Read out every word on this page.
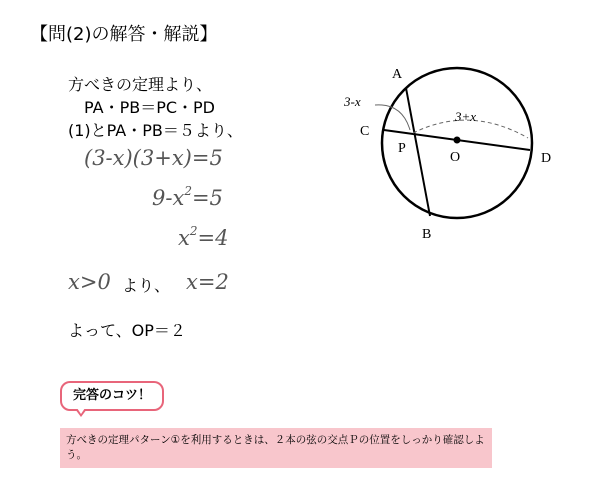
【問(2)の解答・解説】
方べきの定理より、
PA・PB＝PC・PD
(1)とPA・PB＝５より、
(3-x)(3+x)=5
$9-x^2=5$
$x^2=4$
x>0 より、 x=2
よって、OP＝２
A
B
C
D
P
O
3-x
3+x
完答のコツ！
方べきの定理パターン①を利用するときは、２本の弦の交点Ｐの位置をしっかり確認しよう。
